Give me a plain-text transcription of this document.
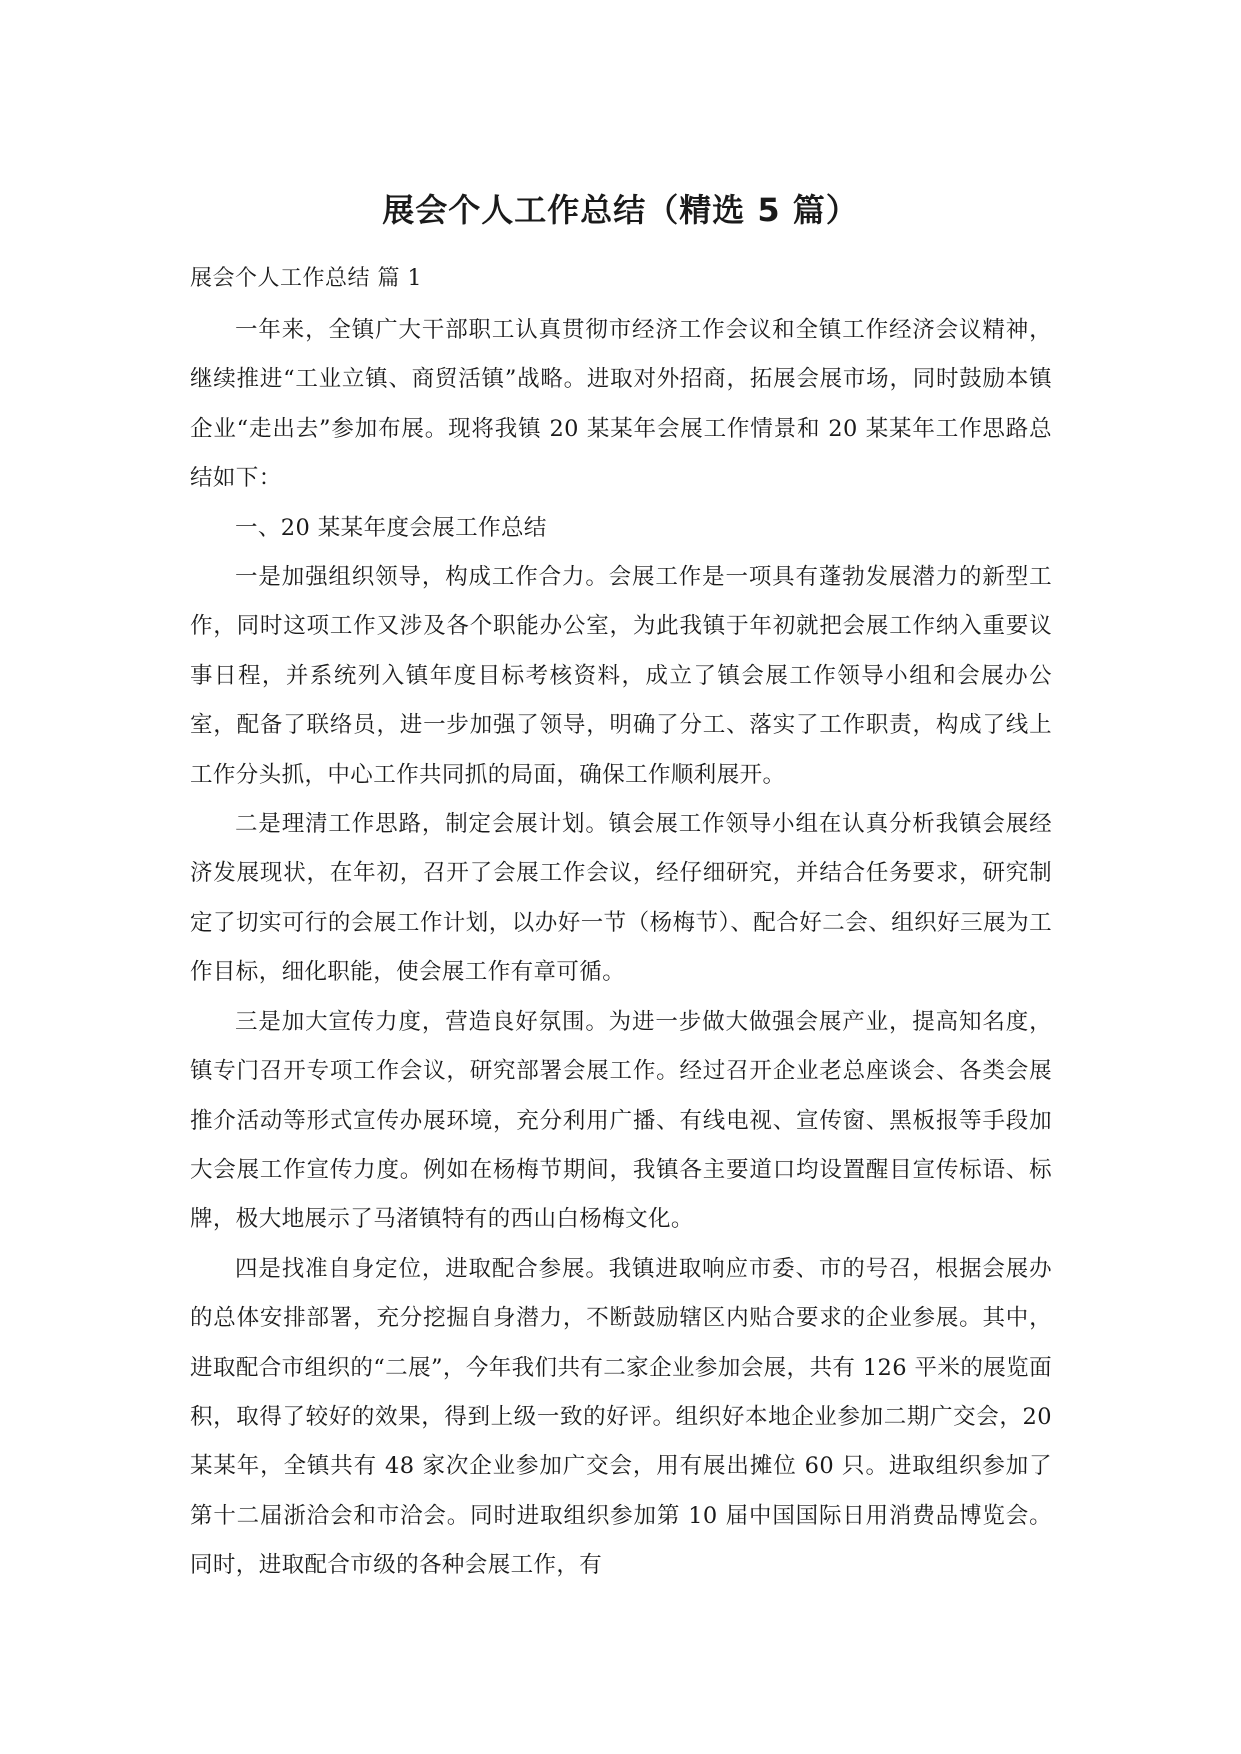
展会个人工作总结（精选 5 篇）

展会个人工作总结 篇 1

一年来，全镇广大干部职工认真贯彻市经济工作会议和全镇工作经济会议精神，继续推进“工业立镇、商贸活镇”战略。进取对外招商，拓展会展市场，同时鼓励本镇企业“走出去”参加布展。现将我镇 20 某某年会展工作情景和 20 某某年工作思路总结如下：

一、20 某某年度会展工作总结

一是加强组织领导，构成工作合力。会展工作是一项具有蓬勃发展潜力的新型工作，同时这项工作又涉及各个职能办公室，为此我镇于年初就把会展工作纳入重要议事日程，并系统列入镇年度目标考核资料，成立了镇会展工作领导小组和会展办公室，配备了联络员，进一步加强了领导，明确了分工、落实了工作职责，构成了线上工作分头抓，中心工作共同抓的局面，确保工作顺利展开。

二是理清工作思路，制定会展计划。镇会展工作领导小组在认真分析我镇会展经济发展现状，在年初，召开了会展工作会议，经仔细研究，并结合任务要求，研究制定了切实可行的会展工作计划，以办好一节（杨梅节）、配合好二会、组织好三展为工作目标，细化职能，使会展工作有章可循。

三是加大宣传力度，营造良好氛围。为进一步做大做强会展产业，提高知名度，镇专门召开专项工作会议，研究部署会展工作。经过召开企业老总座谈会、各类会展推介活动等形式宣传办展环境，充分利用广播、有线电视、宣传窗、黑板报等手段加大会展工作宣传力度。例如在杨梅节期间，我镇各主要道口均设置醒目宣传标语、标牌，极大地展示了马渚镇特有的西山白杨梅文化。

四是找准自身定位，进取配合参展。我镇进取响应市委、市的号召，根据会展办的总体安排部署，充分挖掘自身潜力，不断鼓励辖区内贴合要求的企业参展。其中，进取配合市组织的“二展”，今年我们共有二家企业参加会展，共有 126 平米的展览面积，取得了较好的效果，得到上级一致的好评。组织好本地企业参加二期广交会，20 某某年，全镇共有 48 家次企业参加广交会，用有展出摊位 60 只。进取组织参加了第十二届浙洽会和市洽会。同时进取组织参加第 10 届中国国际日用消费品博览会。同时，进取配合市级的各种会展工作，有
